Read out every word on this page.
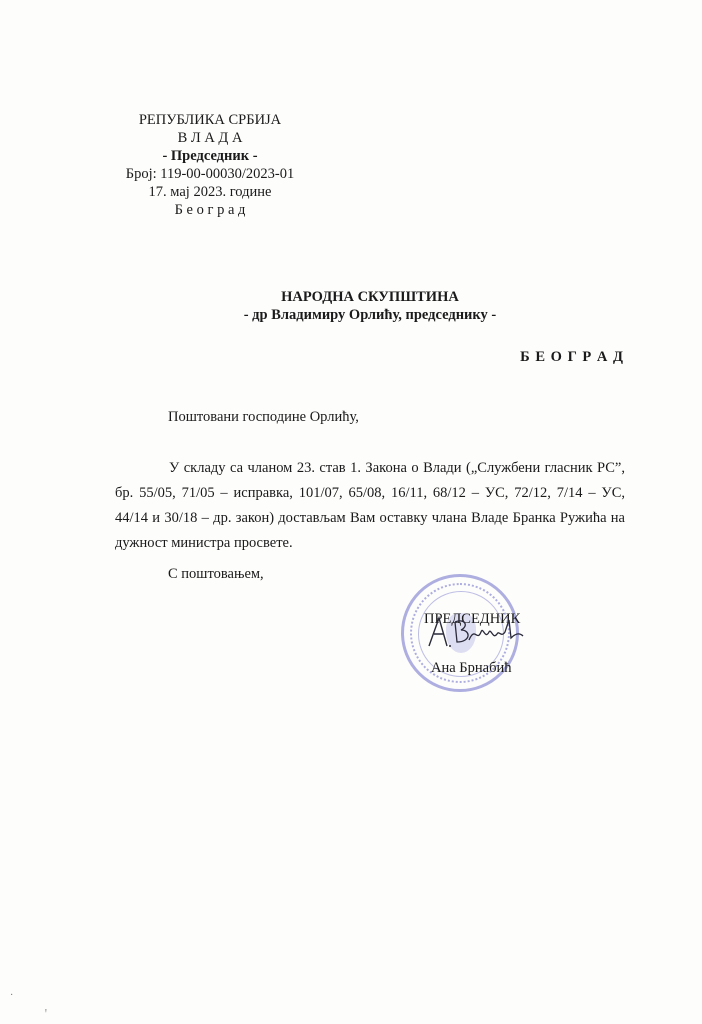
РЕПУБЛИКА СРБИЈА
В Л А Д А
- Председник -
Број: 119-00-00030/2023-01
17. мај 2023. године
Б е о г р а д
НАРОДНА СКУПШТИНА
- др Владимиру Орлићу, председнику -
Б Е О Г Р А Д
Поштовани господине Орлићу,
У складу са чланом 23. став 1. Закона о Влади („Службени гласник РС”, бр. 55/05, 71/05 – исправка, 101/07, 65/08, 16/11, 68/12 – УС, 72/12, 7/14 – УС, 44/14 и 30/18 – др. закон) достављам Вам оставку члана Владе Бранка Ружића на дужност министра просвете.
С поштовањем,
ПРЕДСЕДНИК
Ана Брнабић
·
ꞌ
